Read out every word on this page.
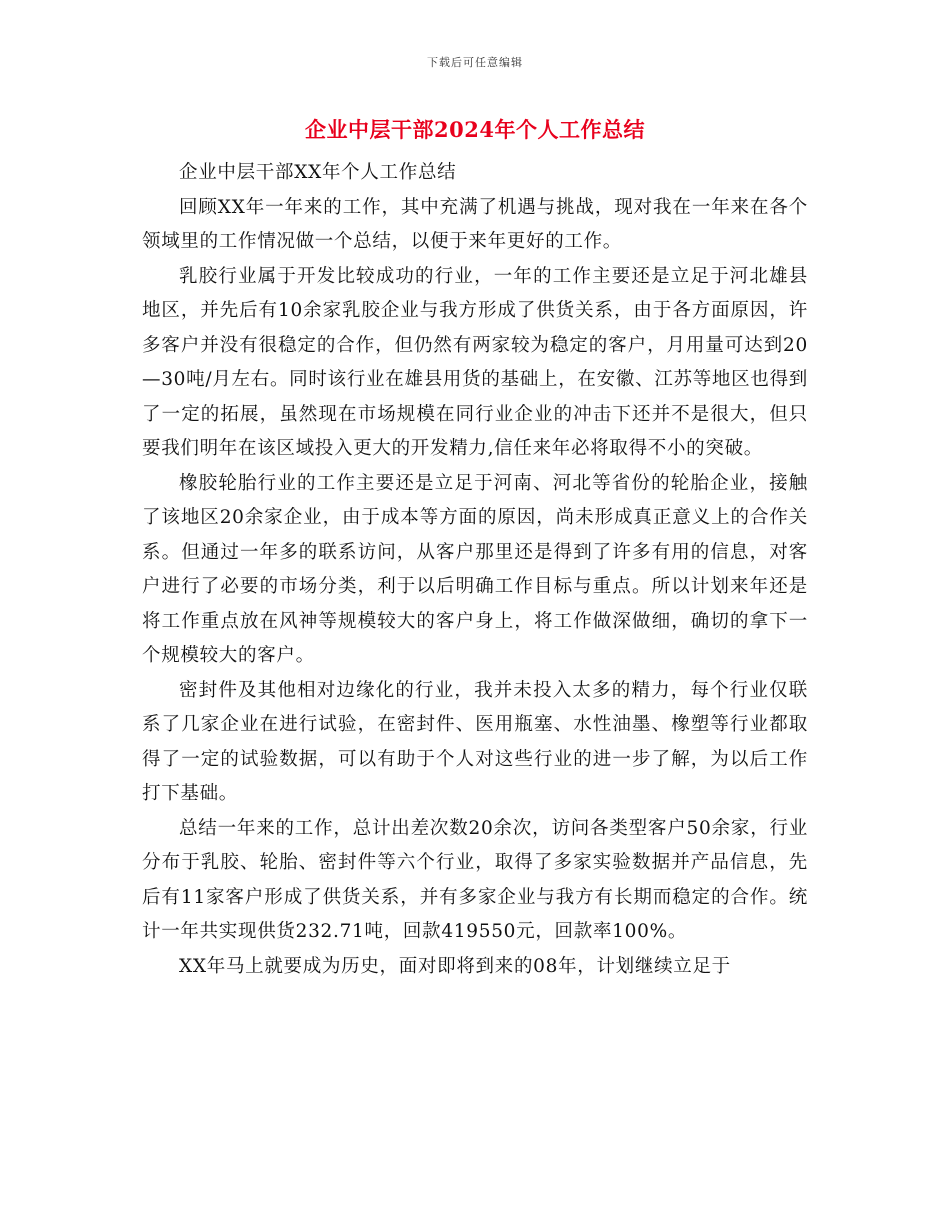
下载后可任意编辑
企业中层干部2024年个人工作总结

企业中层干部XX年个人工作总结

回顾XX年一年来的工作，其中充满了机遇与挑战，现对我在一年来在各个领域里的工作情况做一个总结，以便于来年更好的工作。

乳胶行业属于开发比较成功的行业，一年的工作主要还是立足于河北雄县地区，并先后有10余家乳胶企业与我方形成了供货关系，由于各方面原因，许多客户并没有很稳定的合作，但仍然有两家较为稳定的客户，月用量可达到20—30吨/月左右。同时该行业在雄县用货的基础上，在安徽、江苏等地区也得到了一定的拓展，虽然现在市场规模在同行业企业的冲击下还并不是很大，但只要我们明年在该区域投入更大的开发精力,信任来年必将取得不小的突破。

橡胶轮胎行业的工作主要还是立足于河南、河北等省份的轮胎企业，接触了该地区20余家企业，由于成本等方面的原因，尚未形成真正意义上的合作关系。但通过一年多的联系访问，从客户那里还是得到了许多有用的信息，对客户进行了必要的市场分类，利于以后明确工作目标与重点。所以计划来年还是将工作重点放在风神等规模较大的客户身上，将工作做深做细，确切的拿下一个规模较大的客户。

密封件及其他相对边缘化的行业，我并未投入太多的精力，每个行业仅联系了几家企业在进行试验，在密封件、医用瓶塞、水性油墨、橡塑等行业都取得了一定的试验数据，可以有助于个人对这些行业的进一步了解，为以后工作打下基础。

总结一年来的工作，总计出差次数20余次，访问各类型客户50余家，行业分布于乳胶、轮胎、密封件等六个行业，取得了多家实验数据并产品信息，先后有11家客户形成了供货关系，并有多家企业与我方有长期而稳定的合作。统计一年共实现供货232.71吨，回款419550元，回款率100%。

XX年马上就要成为历史，面对即将到来的08年，计划继续立足于
